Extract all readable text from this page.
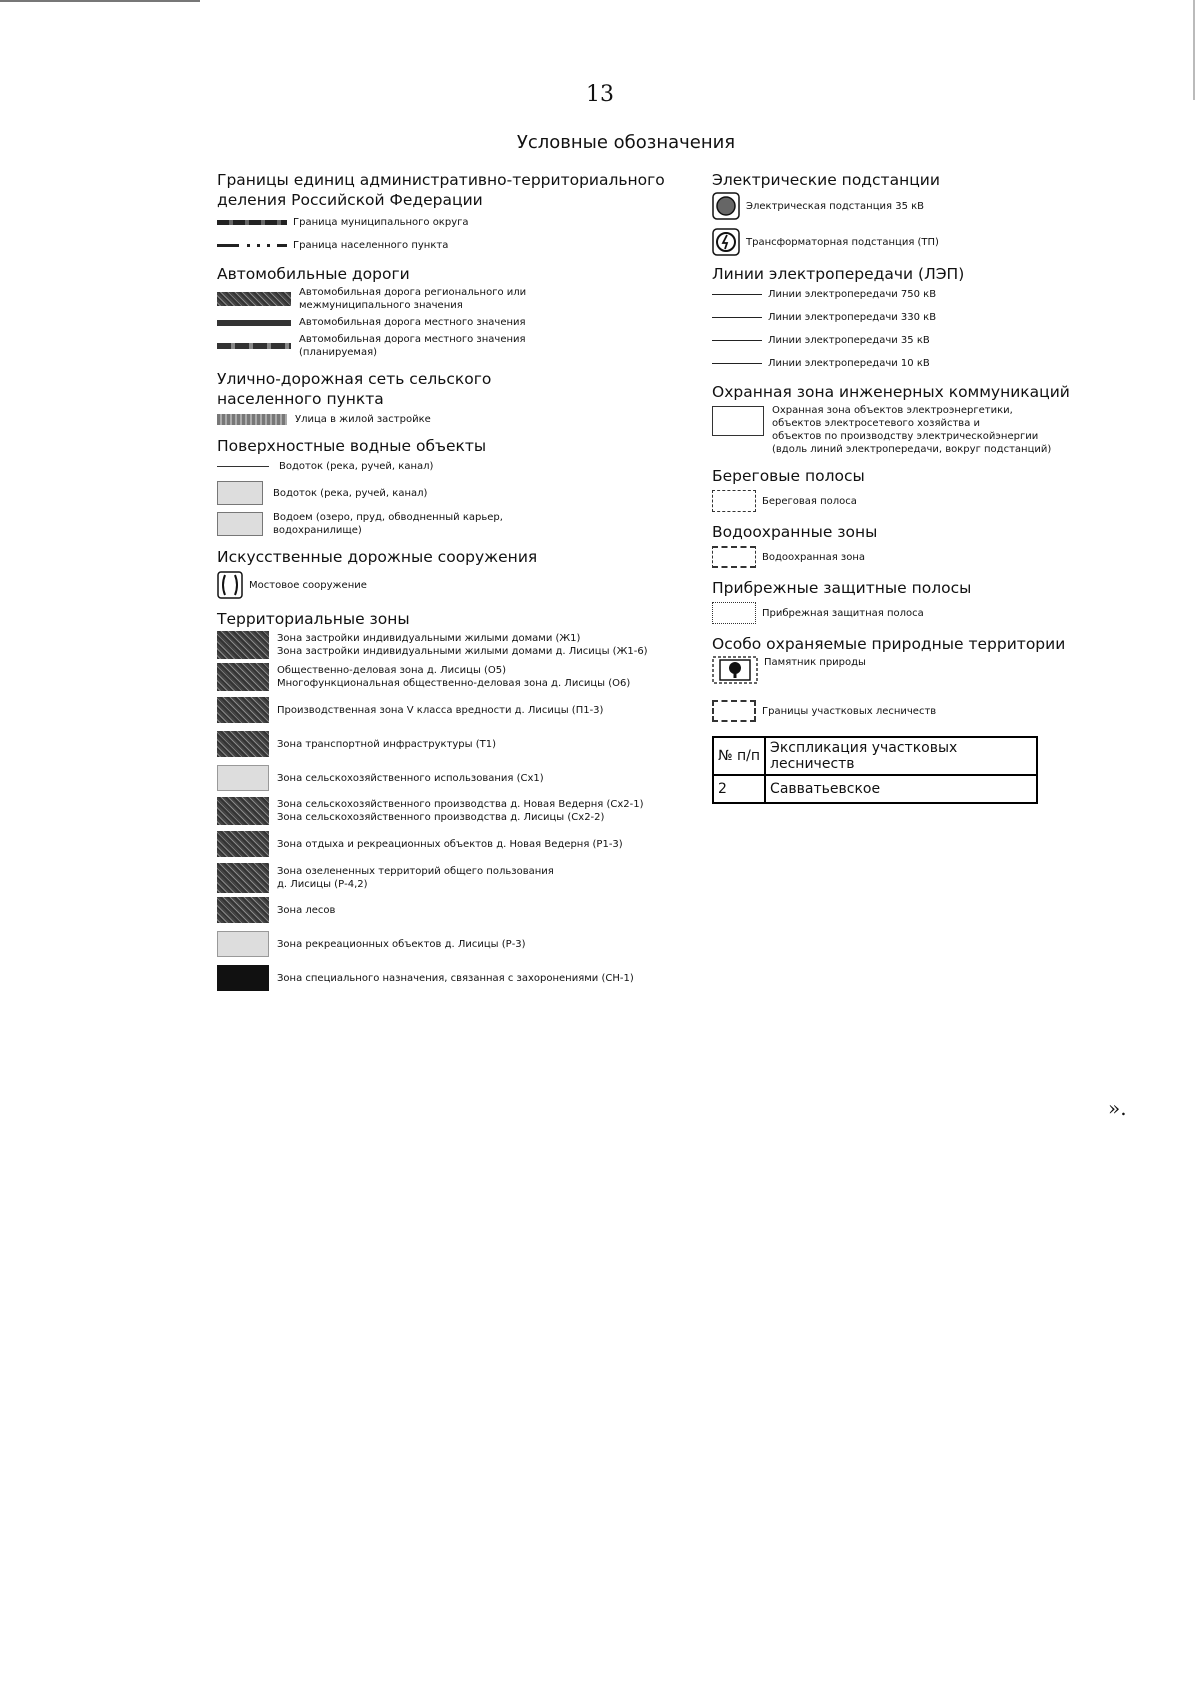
13
Условные обозначения

Границы единиц административно-территориального

деления Российской Федерации

Граница муниципального округа
Граница населенного пункта

Автомобильные дороги

Автомобильная дорога регионального или
межмуниципального значения
Автомобильная дорога местного значения
Автомобильная дорога местного значения
(планируемая)

Улично-дорожная сеть сельского

населенного пункта

Улица в жилой застройке

Поверхностные водные объекты

Водоток (река, ручей, канал)
Водоток (река, ручей, канал)
Водоем (озеро, пруд, обводненный карьер,
водохранилище)

Искусственные дорожные сооружения

Мостовое сооружение

Территориальные зоны

Зона застройки индивидуальными жилыми домами (Ж1)
Зона застройки индивидуальными жилыми домами д. Лисицы (Ж1-6)
Общественно-деловая зона д. Лисицы (О5)
Многофункциональная общественно-деловая зона д. Лисицы (О6)
Производственная зона V класса вредности д. Лисицы (П1-3)
Зона транспортной инфраструктуры (Т1)
Зона сельскохозяйственного использования (Сх1)
Зона сельскохозяйственного производства д. Новая Ведерня (Сх2-1)
Зона сельскохозяйственного производства д. Лисицы (Сх2-2)
Зона отдыха и рекреационных объектов д. Новая Ведерня (Р1-3)
Зона озелененных территорий общего пользования
д. Лисицы (Р-4,2)
Зона лесов
Зона рекреационных объектов д. Лисицы (Р-3)
Зона специального назначения, связанная с захоронениями (СН-1)

Электрические подстанции

Электрическая подстанция 35 кВ
Трансформаторная подстанция (ТП)

Линии электропередачи (ЛЭП)

Линии электропередачи 750 кВ
Линии электропередачи 330 кВ
Линии электропередачи 35 кВ
Линии электропередачи 10 кВ

Охранная зона инженерных коммуникаций

Охранная зона объектов электроэнергетики,
объектов электросетевого хозяйства и
объектов по производству электрическойэнергии
(вдоль линий электропередачи, вокруг подстанций)

Береговые полосы

Береговая полоса

Водоохранные зоны

Водоохранная зона

Прибрежные защитные полосы

Прибрежная защитная полоса

Особо охраняемые природные территории

Памятник природы
Границы участковых лесничеств
№ п/п	Экспликация участковых лесничеств
2	Савватьевское
».
